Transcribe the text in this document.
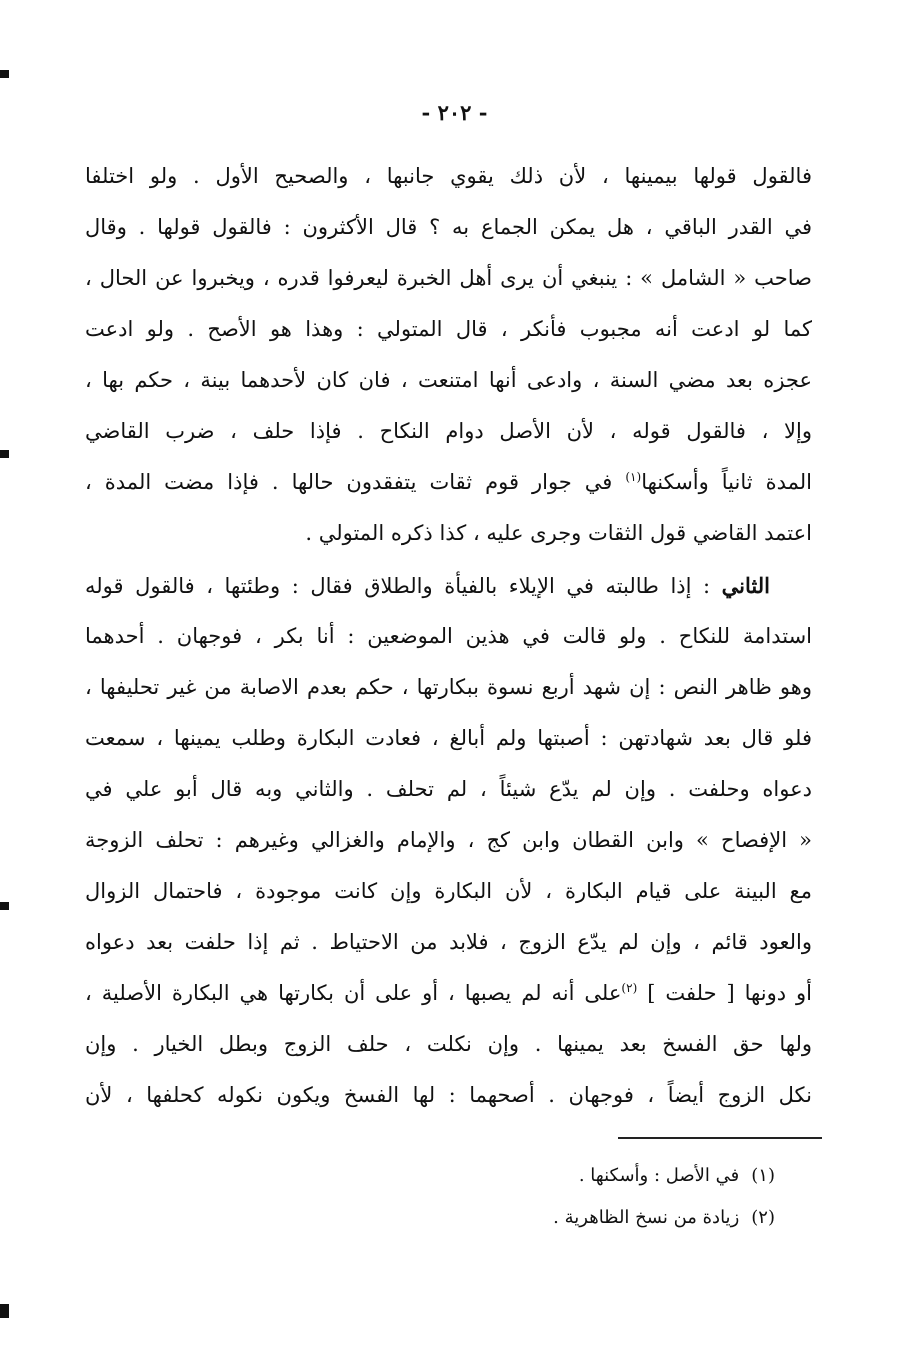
- ٢٠٢ -
فالقول قولها بيمينها ، لأن ذلك يقوي جانبها ، والصحيح الأول . ولو اختلفا
في القدر الباقي ، هل يمكن الجماع به ؟ قال الأكثرون : فالقول قولها . وقال
صاحب « الشامل » : ينبغي أن يرى أهل الخبرة ليعرفوا قدره ، ويخبروا عن الحال ،
كما لو ادعت أنه مجبوب فأنكر ، قال المتولي : وهذا هو الأصح . ولو ادعت
عجزه بعد مضي السنة ، وادعى أنها امتنعت ، فان كان لأحدهما بينة ، حكم بها ،
وإلا ، فالقول قوله ، لأن الأصل دوام النكاح . فإذا حلف ، ضرب القاضي
المدة ثانياً وأسكنها$^{(١)}$ في جوار قوم ثقات يتفقدون حالها . فإذا مضت المدة ،
اعتمد القاضي قول الثقات وجرى عليه ، كذا ذكره المتولي .
الثاني : إذا طالبته في الإيلاء بالفيأة والطلاق فقال : وطئتها ، فالقول قوله
استدامة للنكاح . ولو قالت في هذين الموضعين : أنا بكر ، فوجهان . أحدهما
وهو ظاهر النص : إن شهد أربع نسوة ببكارتها ، حكم بعدم الاصابة من غير تحليفها ،
فلو قال بعد شهادتهن : أصبتها ولم أبالغ ، فعادت البكارة وطلب يمينها ، سمعت
دعواه وحلفت . وإن لم يدّع شيئاً ، لم تحلف . والثاني وبه قال أبو علي في
« الإفصاح » وابن القطان وابن كج ، والإمام والغزالي وغيرهم : تحلف الزوجة
مع البينة على قيام البكارة ، لأن البكارة وإن كانت موجودة ، فاحتمال الزوال
والعود قائم ، وإن لم يدّع الزوج ، فلابد من الاحتياط . ثم إذا حلفت بعد دعواه
أو دونها [ حلفت ] $^{(٢)}$على أنه لم يصبها ، أو على أن بكارتها هي البكارة الأصلية ،
ولها حق الفسخ بعد يمينها . وإن نكلت ، حلف الزوج وبطل الخيار . وإن
نكل الزوج أيضاً ، فوجهان . أصحهما : لها الفسخ ويكون نكوله كحلفها ، لأن
(١)في الأصل : وأسكنها .
(٢)زيادة من نسخ الظاهرية .
